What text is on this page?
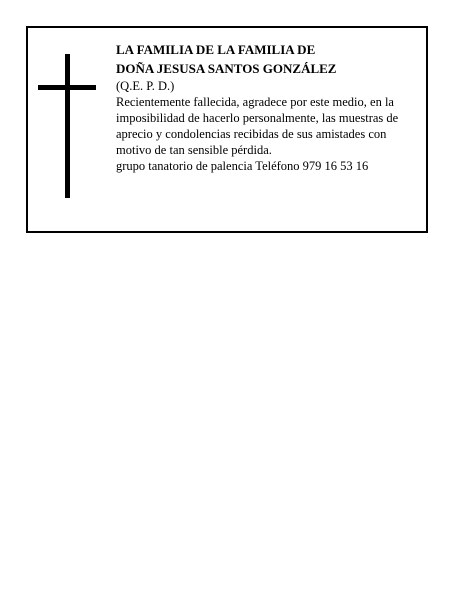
LA FAMILIA DE LA FAMILIA DE
DOÑA JESUSA SANTOS GONZÁLEZ
(Q.E. P. D.)
Recientemente fallecida, agradece por este medio, en la imposibilidad de hacerlo personalmente, las muestras de aprecio y condolencias recibidas de sus amistades con motivo de tan sensible pérdida.
grupo tanatorio de palencia Teléfono 979 16 53 16
